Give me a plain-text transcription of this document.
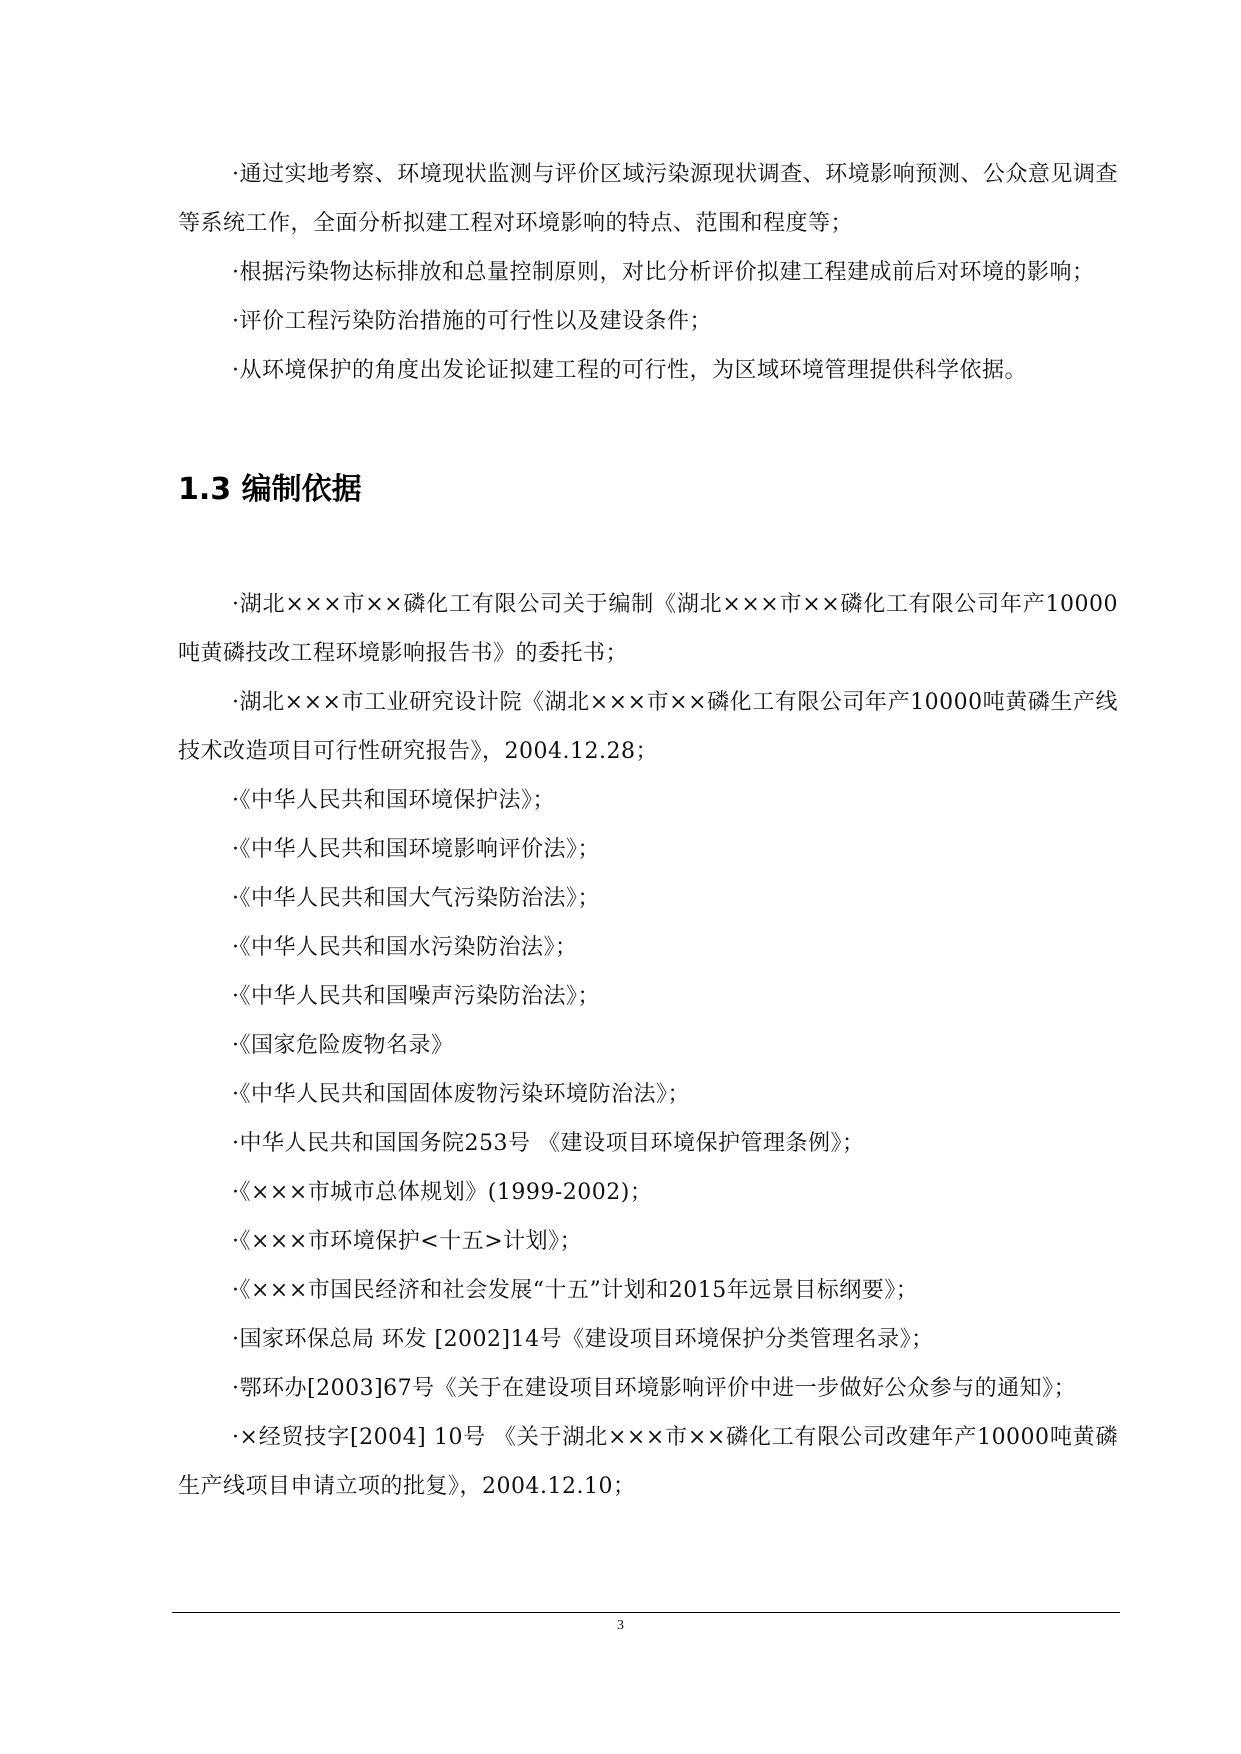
·通过实地考察、环境现状监测与评价区域污染源现状调查、环境影响预测、公众意见调查等系统工作，全面分析拟建工程对环境影响的特点、范围和程度等；

·根据污染物达标排放和总量控制原则，对比分析评价拟建工程建成前后对环境的影响；

·评价工程污染防治措施的可行性以及建设条件；

·从环境保护的角度出发论证拟建工程的可行性，为区域环境管理提供科学依据。

1.3 编制依据

·湖北×××市××磷化工有限公司关于编制《湖北×××市××磷化工有限公司年产10000吨黄磷技改工程环境影响报告书》的委托书；

·湖北×××市工业研究设计院《湖北×××市××磷化工有限公司年产10000吨黄磷生产线技术改造项目可行性研究报告》，2004.12.28；

·《中华人民共和国环境保护法》；

·《中华人民共和国环境影响评价法》；

·《中华人民共和国大气污染防治法》；

·《中华人民共和国水污染防治法》；

·《中华人民共和国噪声污染防治法》；

·《国家危险废物名录》

·《中华人民共和国固体废物污染环境防治法》；

·中华人民共和国国务院253号 《建设项目环境保护管理条例》；

·《×××市城市总体规划》(1999-2002)；

·《×××市环境保护<十五>计划》；

·《×××市国民经济和社会发展“十五”计划和2015年远景目标纲要》；

·国家环保总局 环发 [2002]14号《建设项目环境保护分类管理名录》；

·鄂环办[2003]67号《关于在建设项目环境影响评价中进一步做好公众参与的通知》；

·×经贸技字[2004] 10号 《关于湖北×××市××磷化工有限公司改建年产10000吨黄磷生产线项目申请立项的批复》，2004.12.10；

3
